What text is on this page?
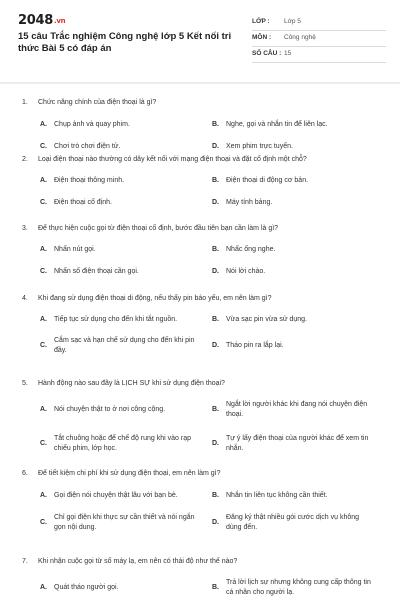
2048.vn
15 câu Trắc nghiệm Công nghệ lớp 5 Kết nối tri thức Bài 5 có đáp án
LỚP : Lớp 5
MÔN : Công nghệ
SỐ CÂU : 15
1. Chức năng chính của điện thoại là gì?
A. Chụp ảnh và quay phim.	B. Nghe, gọi và nhắn tin để liên lạc.
C. Chơi trò chơi điện tử.	D. Xem phim trực tuyến.
2. Loại điện thoại nào thường có dây kết nối với mạng điện thoại và đặt cố định một chỗ?
A. Điện thoại thông minh.	B. Điện thoại di động cơ bản.
C. Điện thoại cố định.	D. Máy tính bảng.
3. Để thực hiện cuộc gọi từ điện thoại cố định, bước đầu tiên bạn cần làm là gì?
A. Nhấn nút gọi.	B. Nhấc ống nghe.
C. Nhấn số điện thoại cần gọi.	D. Nói lời chào.
4. Khi đang sử dụng điện thoại di động, nếu thấy pin báo yếu, em nên làm gì?
A. Tiếp tục sử dụng cho đến khi tắt nguồn.	B. Vừa sạc pin vừa sử dụng.
C.
Cắm sạc và hạn chế sử dụng cho đến khi pin đầy.
D. Tháo pin ra lắp lại.
5. Hành động nào sau đây là LỊCH SỰ khi sử dụng điện thoại?
A. Nói chuyện thật to ở nơi công cộng.	B.
Ngắt lời người khác khi đang nói chuyện điện thoại.
C.
Tắt chuông hoặc để chế độ rung khi vào rạp chiếu phim, lớp học.
D.
Tự ý lấy điện thoại của người khác để xem tin nhắn.
6. Để tiết kiệm chi phí khi sử dụng điện thoại, em nên làm gì?
A. Gọi điện nói chuyện thật lâu với bạn bè.	B. Nhắn tin liên tục không cần thiết.
C.
Chỉ gọi điện khi thực sự cần thiết và nói ngắn gọn nội dung.
D.
Đăng ký thật nhiều gói cước dịch vụ không dùng đến.
7. Khi nhận cuộc gọi từ số máy lạ, em nên có thái độ như thế nào?
A. Quát tháo người gọi.	B.
Trả lời lịch sự nhưng không cung cấp thông tin cá nhân cho người lạ.
